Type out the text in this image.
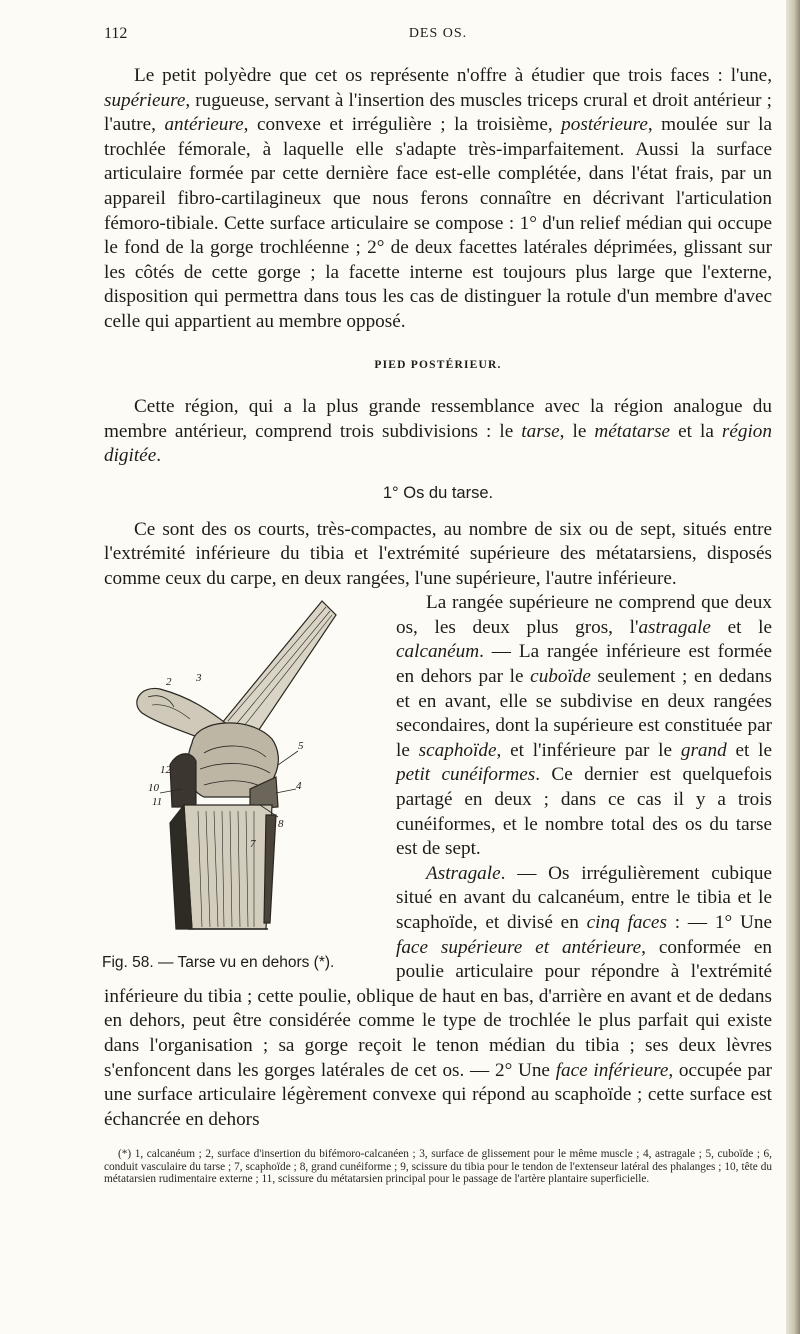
112	DES OS.

Le petit polyèdre que cet os représente n'offre à étudier que trois faces : l'une, supérieure, rugueuse, servant à l'insertion des muscles triceps crural et droit antérieur ; l'autre, antérieure, convexe et irrégulière ; la troisième, postérieure, moulée sur la trochlée fémorale, à laquelle elle s'adapte très-imparfaitement. Aussi la surface articulaire formée par cette dernière face est-elle complétée, dans l'état frais, par un appareil fibro-cartilagineux que nous ferons connaître en décrivant l'articulation fémoro-tibiale. Cette surface articulaire se compose : 1° d'un relief médian qui occupe le fond de la gorge trochléenne ; 2° de deux facettes latérales déprimées, glissant sur les côtés de cette gorge ; la facette interne est toujours plus large que l'externe, disposition qui permettra dans tous les cas de distinguer la rotule d'un membre d'avec celle qui appartient au membre opposé.

PIED POSTÉRIEUR.

Cette région, qui a la plus grande ressemblance avec la région analogue du membre antérieur, comprend trois subdivisions : le tarse, le métatarse et la région digitée.

1° Os du tarse.

Ce sont des os courts, très-compactes, au nombre de six ou de sept, situés entre l'extrémité inférieure du tibia et l'extrémité supérieure des métatarsiens, disposés comme ceux du carpe, en deux rangées, l'une supérieure, l'autre inférieure.

2 3
5
4
8
7
10
11
12
Fig. 58. — Tarse vu en dehors (*).

La rangée supérieure ne comprend que deux os, les deux plus gros, l'astragale et le calcanéum. — La rangée inférieure est formée en dehors par le cuboïde seulement ; en dedans et en avant, elle se subdivise en deux rangées secondaires, dont la supérieure est constituée par le scaphoïde, et l'inférieure par le grand et le petit cunéiformes. Ce dernier est quelquefois partagé en deux ; dans ce cas il y a trois cunéiformes, et le nombre total des os du tarse est de sept.

Astragale. — Os irrégulièrement cubique situé en avant du calcanéum, entre le tibia et le scaphoïde, et divisé en cinq faces : — 1° Une face supérieure et antérieure, conformée en poulie articulaire pour répondre à l'extrémité inférieure du tibia ; cette poulie, oblique de haut en bas, d'arrière en avant et de dedans en dehors, peut être considérée comme le type de trochlée le plus parfait qui existe dans l'organisation ; sa gorge reçoit le tenon médian du tibia ; ses deux lèvres s'enfoncent dans les gorges latérales de cet os. — 2° Une face inférieure, occupée par une surface articulaire légèrement convexe qui répond au scaphoïde ; cette surface est échancrée en dehors

(*) 1, calcanéum ; 2, surface d'insertion du bifémoro-calcanéen ; 3, surface de glissement pour le même muscle ; 4, astragale ; 5, cuboïde ; 6, conduit vasculaire du tarse ; 7, scaphoïde ; 8, grand cunéiforme ; 9, scissure du tibia pour le tendon de l'extenseur latéral des phalanges ; 10, tête du métatarsien rudimentaire externe ; 11, scissure du métatarsien principal pour le passage de l'artère plantaire superficielle.
